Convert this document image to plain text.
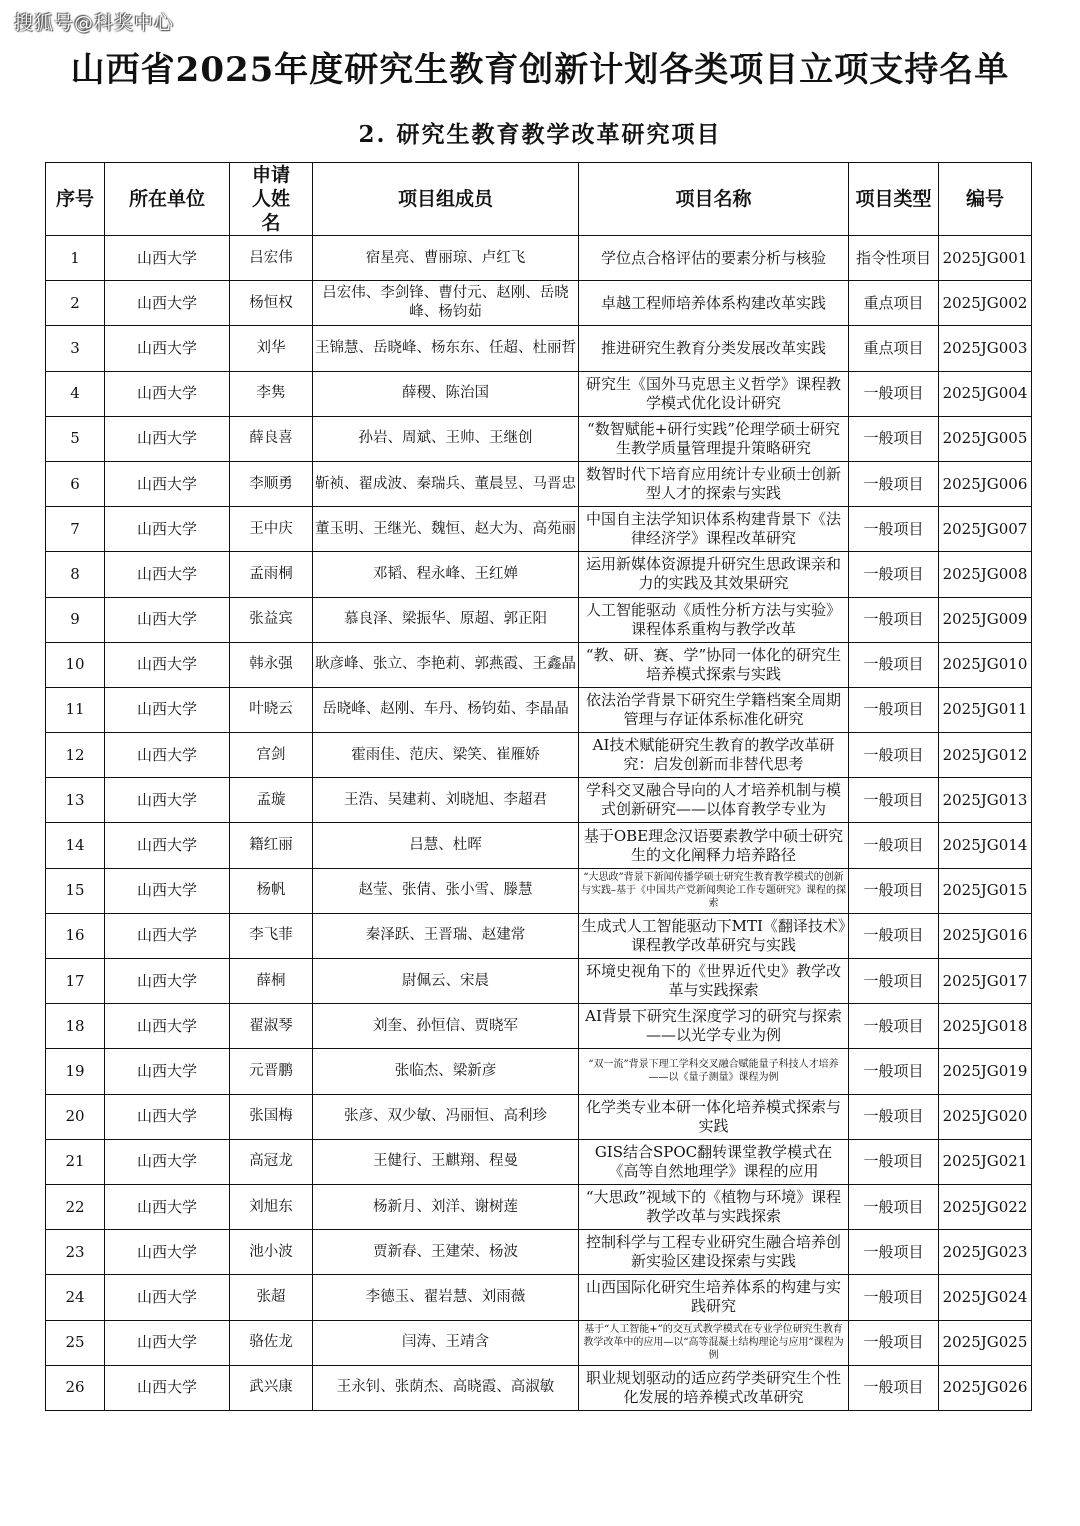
搜狐号@科奖中心
山西省2025年度研究生教育创新计划各类项目立项支持名单
2. 研究生教育教学改革研究项目
序号	所在单位	申请人姓名	项目组成员	项目名称	项目类型	编号
1	山西大学	吕宏伟	宿星亮、曹丽琼、卢红飞	学位点合格评估的要素分析与核验	指令性项目	2025JG001
2	山西大学	杨恒权	吕宏伟、李剑锋、曹付元、赵刚、岳晓峰、杨钧茹	卓越工程师培养体系构建改革实践	重点项目	2025JG002
3	山西大学	刘华	王锦慧、岳晓峰、杨东东、任超、杜丽哲	推进研究生教育分类发展改革实践	重点项目	2025JG003
4	山西大学	李隽	薛稷、陈治国	研究生《国外马克思主义哲学》课程教学模式优化设计研究	一般项目	2025JG004
5	山西大学	薛良喜	孙岩、周斌、王帅、王继创	“数智赋能+研行实践”伦理学硕士研究生教学质量管理提升策略研究	一般项目	2025JG005
6	山西大学	李顺勇	靳祯、翟成波、秦瑞兵、董晨昱、马晋忠	数智时代下培育应用统计专业硕士创新型人才的探索与实践	一般项目	2025JG006
7	山西大学	王中庆	董玉明、王继光、魏恒、赵大为、高苑丽	中国自主法学知识体系构建背景下《法律经济学》课程改革研究	一般项目	2025JG007
8	山西大学	孟雨桐	邓韬、程永峰、王红婵	运用新媒体资源提升研究生思政课亲和力的实践及其效果研究	一般项目	2025JG008
9	山西大学	张益宾	慕良泽、梁振华、原超、郭正阳	人工智能驱动《质性分析方法与实验》课程体系重构与教学改革	一般项目	2025JG009
10	山西大学	韩永强	耿彦峰、张立、李艳莉、郭燕霞、王鑫晶	“教、研、赛、学”协同一体化的研究生培养模式探索与实践	一般项目	2025JG010
11	山西大学	叶晓云	岳晓峰、赵刚、车丹、杨钧茹、李晶晶	依法治学背景下研究生学籍档案全周期管理与存证体系标准化研究	一般项目	2025JG011
12	山西大学	宫剑	霍雨佳、范庆、梁笑、崔雁娇	AI技术赋能研究生教育的教学改革研究：启发创新而非替代思考	一般项目	2025JG012
13	山西大学	孟璇	王浩、吴建莉、刘晓旭、李超君	学科交叉融合导向的人才培养机制与模式创新研究——以体育教学专业为	一般项目	2025JG013
14	山西大学	籍红丽	吕慧、杜晖	基于OBE理念汉语要素教学中硕士研究生的文化阐释力培养路径	一般项目	2025JG014
15	山西大学	杨帆	赵莹、张倩、张小雪、滕慧	“大思政”背景下新闻传播学硕士研究生教育教学模式的创新与实践–基于《中国共产党新闻舆论工作专题研究》课程的探索	一般项目	2025JG015
16	山西大学	李飞菲	秦泽跃、王晋瑞、赵建常	生成式人工智能驱动下MTI《翻译技术》课程教学改革研究与实践	一般项目	2025JG016
17	山西大学	薛桐	尉佩云、宋晨	环境史视角下的《世界近代史》教学改革与实践探索	一般项目	2025JG017
18	山西大学	翟淑琴	刘奎、孙恒信、贾晓军	AI背景下研究生深度学习的研究与探索——以光学专业为例	一般项目	2025JG018
19	山西大学	元晋鹏	张临杰、梁新彦	“双一流”背景下理工学科交叉融合赋能量子科技人才培养——以《量子测量》课程为例	一般项目	2025JG019
20	山西大学	张国梅	张彦、双少敏、冯丽恒、高利珍	化学类专业本研一体化培养模式探索与实践	一般项目	2025JG020
21	山西大学	高冠龙	王健行、王麒翔、程曼	GIS结合SPOC翻转课堂教学模式在《高等自然地理学》课程的应用	一般项目	2025JG021
22	山西大学	刘旭东	杨新月、刘洋、谢树莲	“大思政”视域下的《植物与环境》课程教学改革与实践探索	一般项目	2025JG022
23	山西大学	池小波	贾新春、王建荣、杨波	控制科学与工程专业研究生融合培养创新实验区建设探索与实践	一般项目	2025JG023
24	山西大学	张超	李德玉、翟岩慧、刘雨薇	山西国际化研究生培养体系的构建与实践研究	一般项目	2025JG024
25	山西大学	骆佐龙	闫涛、王靖含	基于“人工智能+”的交互式教学模式在专业学位研究生教育教学改革中的应用—以“高等混凝土结构理论与应用”课程为例	一般项目	2025JG025
26	山西大学	武兴康	王永钊、张荫杰、高晓霞、高淑敏	职业规划驱动的适应药学类研究生个性化发展的培养模式改革研究	一般项目	2025JG026
